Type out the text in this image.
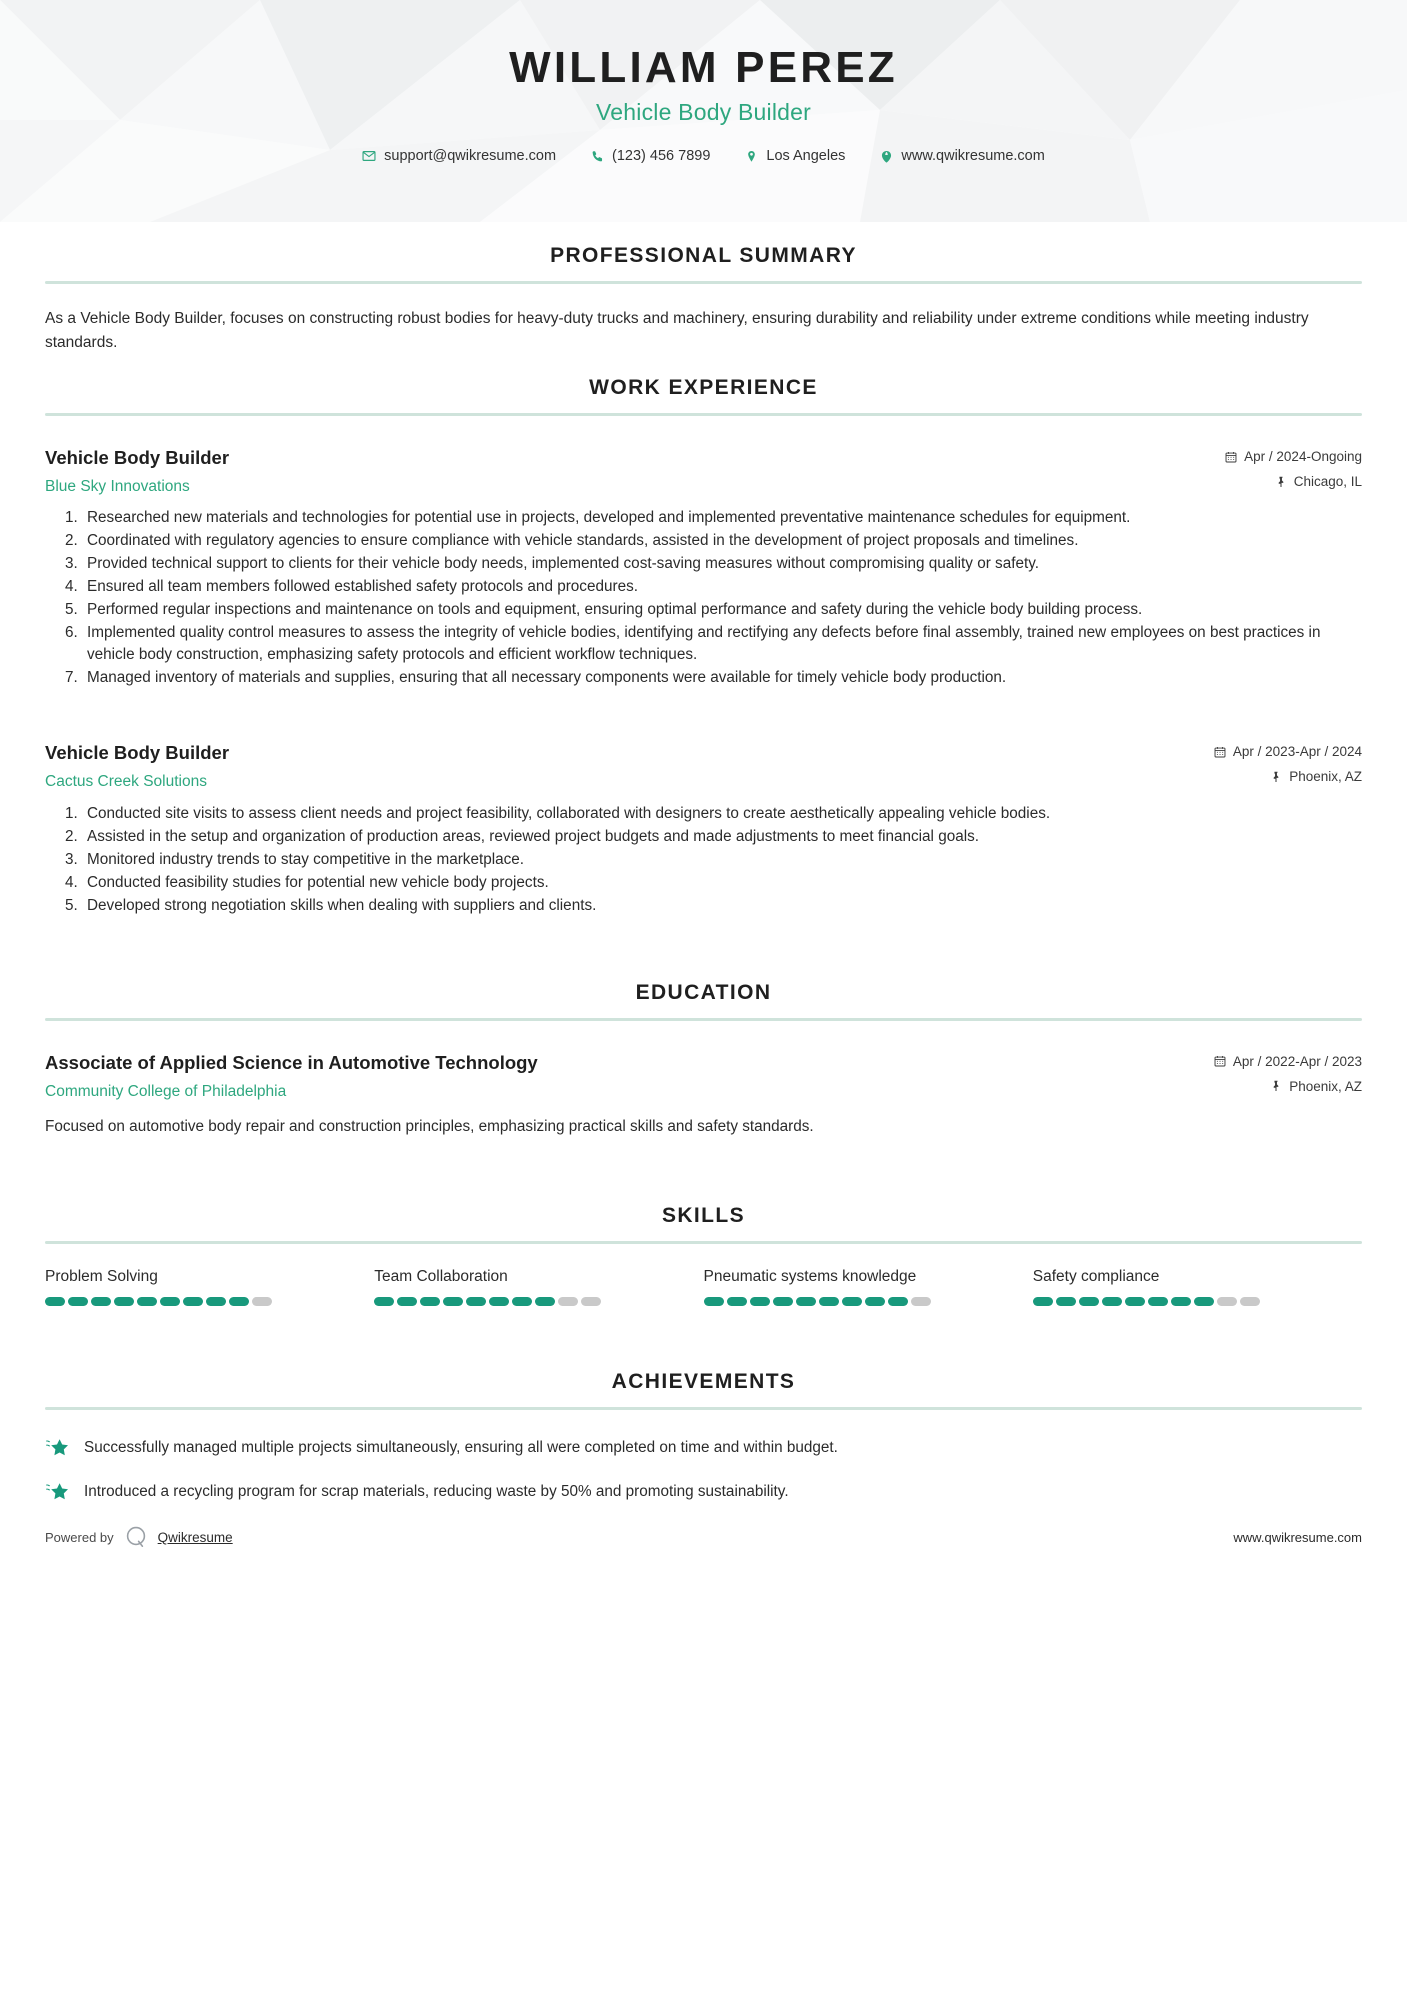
WILLIAM PEREZ
Vehicle Body Builder
support@qwikresume.com	(123) 456 7899	Los Angeles	www.qwikresume.com
PROFESSIONAL SUMMARY

As a Vehicle Body Builder, focuses on constructing robust bodies for heavy-duty trucks and machinery, ensuring durability and reliability under extreme conditions while meeting industry standards.

WORK EXPERIENCE
Vehicle Body Builder
Blue Sky Innovations
Apr / 2024-Ongoing
Chicago, IL
1. Researched new materials and technologies for potential use in projects, developed and implemented preventative maintenance schedules for equipment.
2. Coordinated with regulatory agencies to ensure compliance with vehicle standards, assisted in the development of project proposals and timelines.
3. Provided technical support to clients for their vehicle body needs, implemented cost-saving measures without compromising quality or safety.
4. Ensured all team members followed established safety protocols and procedures.
5. Performed regular inspections and maintenance on tools and equipment, ensuring optimal performance and safety during the vehicle body building process.
6. Implemented quality control measures to assess the integrity of vehicle bodies, identifying and rectifying any defects before final assembly, trained new employees on best practices in vehicle body construction, emphasizing safety protocols and efficient workflow techniques.
7. Managed inventory of materials and supplies, ensuring that all necessary components were available for timely vehicle body production.
Vehicle Body Builder
Cactus Creek Solutions
Apr / 2023-Apr / 2024
Phoenix, AZ
1. Conducted site visits to assess client needs and project feasibility, collaborated with designers to create aesthetically appealing vehicle bodies.
2. Assisted in the setup and organization of production areas, reviewed project budgets and made adjustments to meet financial goals.
3. Monitored industry trends to stay competitive in the marketplace.
4. Conducted feasibility studies for potential new vehicle body projects.
5. Developed strong negotiation skills when dealing with suppliers and clients.
EDUCATION
Associate of Applied Science in Automotive Technology
Community College of Philadelphia
Apr / 2022-Apr / 2023
Phoenix, AZ

Focused on automotive body repair and construction principles, emphasizing practical skills and safety standards.

SKILLS
Problem Solving	Team Collaboration	Pneumatic systems knowledge	Safety compliance
ACHIEVEMENTS
Successfully managed multiple projects simultaneously, ensuring all were completed on time and within budget.
Introduced a recycling program for scrap materials, reducing waste by 50% and promoting sustainability.
Powered by	Qwikresume	www.qwikresume.com
